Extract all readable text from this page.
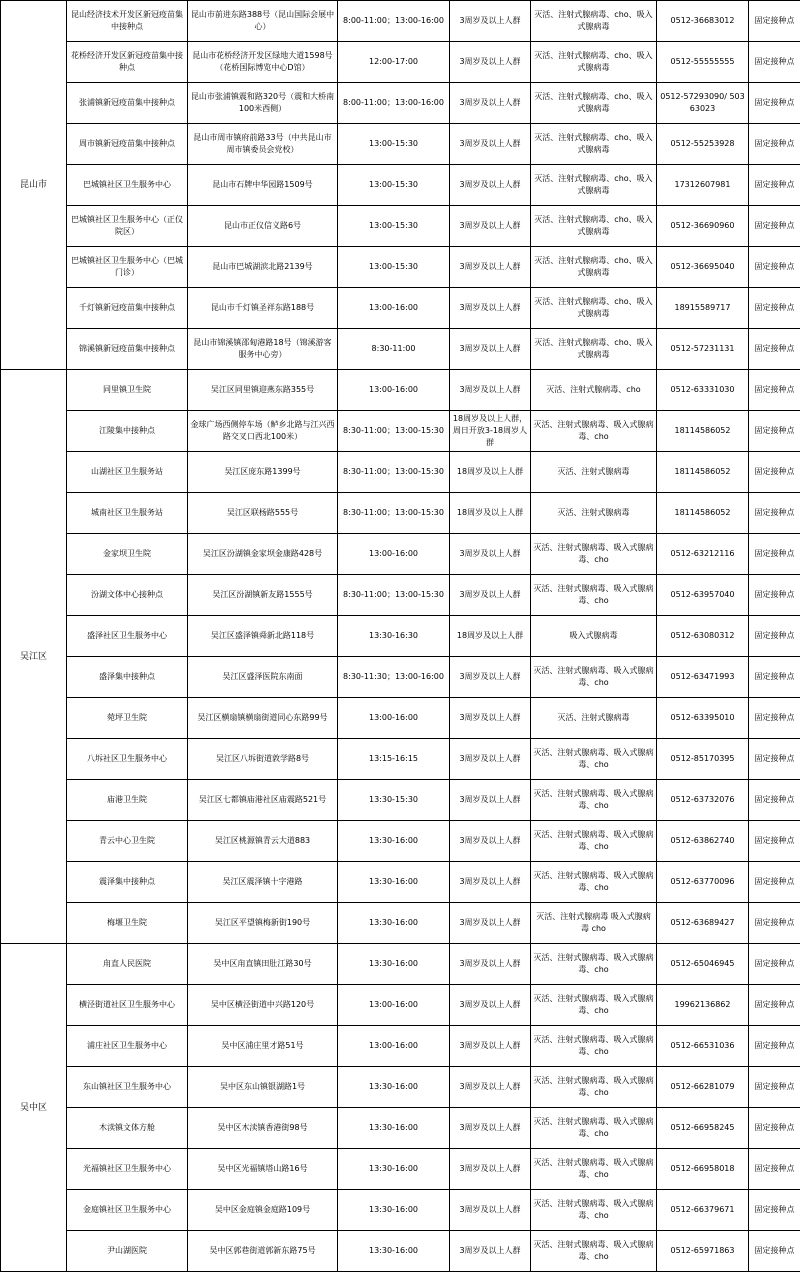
昆山市	昆山经济技术开发区新冠疫苗集中接种点	昆山市前进东路388号（昆山国际会展中心）	8:00-11:00；13:00-16:00	3周岁及以上人群	灭活、注射式腺病毒、cho、吸入式腺病毒	0512-36683012	固定接种点
	花桥经济开发区新冠疫苗集中接种点	昆山市花桥经济开发区绿地大道1598号（花桥国际博览中心D馆）	12:00-17:00	3周岁及以上人群	灭活、注射式腺病毒、cho、吸入式腺病毒	0512-55555555	固定接种点
	张浦镇新冠疫苗集中接种点	昆山市张浦镇震和路320号（震和大桥南100米西侧）	8:00-11:00；13:00-16:00	3周岁及以上人群	灭活、注射式腺病毒、cho、吸入式腺病毒	0512-57293090/ 50363023	固定接种点
	周市镇新冠疫苗集中接种点	昆山市周市镇府前路33号（中共昆山市周市镇委员会党校）	13:00-15:30	3周岁及以上人群	灭活、注射式腺病毒、cho、吸入式腺病毒	0512-55253928	固定接种点
	巴城镇社区卫生服务中心	昆山市石牌中华园路1509号	13:00-15:30	3周岁及以上人群	灭活、注射式腺病毒、cho、吸入式腺病毒	17312607981	固定接种点
	巴城镇社区卫生服务中心（正仪院区）	昆山市正仪信义路6号	13:00-15:30	3周岁及以上人群	灭活、注射式腺病毒、cho、吸入式腺病毒	0512-36690960	固定接种点
	巴城镇社区卫生服务中心（巴城门诊）	昆山市巴城湖滨北路2139号	13:00-15:30	3周岁及以上人群	灭活、注射式腺病毒、cho、吸入式腺病毒	0512-36695040	固定接种点
	千灯镇新冠疫苗集中接种点	昆山市千灯镇圣祥东路188号	13:00-16:00	3周岁及以上人群	灭活、注射式腺病毒、cho、吸入式腺病毒	18915589717	固定接种点
	锦溪镇新冠疫苗集中接种点	昆山市锦溪镇邵甸港路18号（锦溪游客服务中心旁）	8:30-11:00	3周岁及以上人群	灭活、注射式腺病毒、cho、吸入式腺病毒	0512-57231131	固定接种点
吴江区	同里镇卫生院	吴江区同里镇迎燕东路355号	13:00-16:00	3周岁及以上人群	灭活、注射式腺病毒、cho	0512-63331030	固定接种点
	江陵集中接种点	金球广场西侧停车场（鲈乡北路与江兴西路交叉口西北100米）	8:30-11:00；13:00-15:30	18周岁及以上人群，周日开放3-18周岁人群	灭活、注射式腺病毒、吸入式腺病毒、cho	18114586052	固定接种点
	山湖社区卫生服务站	吴江区庞东路1399号	8:30-11:00；13:00-15:30	18周岁及以上人群	灭活、注射式腺病毒	18114586052	固定接种点
	城南社区卫生服务站	吴江区联杨路555号	8:30-11:00；13:00-15:30	18周岁及以上人群	灭活、注射式腺病毒	18114586052	固定接种点
	金家坝卫生院	吴江区汾湖镇金家坝金康路428号	13:00-16:00	3周岁及以上人群	灭活、注射式腺病毒、吸入式腺病毒、cho	0512-63212116	固定接种点
	汾湖文体中心接种点	吴江区汾湖镇新友路1555号	8:30-11:00；13:00-15:30	3周岁及以上人群	灭活、注射式腺病毒、吸入式腺病毒、cho	0512-63957040	固定接种点
	盛泽社区卫生服务中心	吴江区盛泽镇舜新北路118号	13:30-16:30	18周岁及以上人群	吸入式腺病毒	0512-63080312	固定接种点
	盛泽集中接种点	吴江区盛泽医院东南面	8:30-11:30；13:00-16:00	3周岁及以上人群	灭活、注射式腺病毒、吸入式腺病毒、cho	0512-63471993	固定接种点
	菀坪卫生院	吴江区横扇镇横扇街道同心东路99号	13:00-16:00	3周岁及以上人群	灭活、注射式腺病毒	0512-63395010	固定接种点
	八坼社区卫生服务中心	吴江区八坼街道敦学路8号	13:15-16:15	3周岁及以上人群	灭活、注射式腺病毒、吸入式腺病毒、cho	0512-85170395	固定接种点
	庙港卫生院	吴江区七都镇庙港社区庙震路521号	13:30-15:30	3周岁及以上人群	灭活、注射式腺病毒、吸入式腺病毒、cho	0512-63732076	固定接种点
	青云中心卫生院	吴江区桃源镇青云大道883	13:30-16:00	3周岁及以上人群	灭活、注射式腺病毒、吸入式腺病毒、cho	0512-63862740	固定接种点
	震泽集中接种点	吴江区震泽镇十字港路	13:30-16:00	3周岁及以上人群	灭活、注射式腺病毒、吸入式腺病毒、cho	0512-63770096	固定接种点
	梅堰卫生院	吴江区平望镇梅新街190号	13:30-16:00	3周岁及以上人群	灭活、注射式腺病毒 吸入式腺病毒 cho	0512-63689427	固定接种点
吴中区	甪直人民医院	吴中区甪直镇田肚江路30号	13:30-16:00	3周岁及以上人群	灭活、注射式腺病毒、吸入式腺病毒、cho	0512-65046945	固定接种点
	横泾街道社区卫生服务中心	吴中区横泾街道中兴路120号	13:00-16:00	3周岁及以上人群	灭活、注射式腺病毒、吸入式腺病毒、cho	19962136862	固定接种点
	浦庄社区卫生服务中心	吴中区浦庄里才路51号	13:00-16:00	3周岁及以上人群	灭活、注射式腺病毒、吸入式腺病毒、cho	0512-66531036	固定接种点
	东山镇社区卫生服务中心	吴中区东山镇银湖路1号	13:30-16:00	3周岁及以上人群	灭活、注射式腺病毒、吸入式腺病毒、cho	0512-66281079	固定接种点
	木渎镇文体方舱	吴中区木渎镇香港街98号	13:30-16:00	3周岁及以上人群	灭活、注射式腺病毒、吸入式腺病毒、cho	0512-66958245	固定接种点
	光福镇社区卫生服务中心	吴中区光福镇塔山路16号	13:30-16:00	3周岁及以上人群	灭活、注射式腺病毒、吸入式腺病毒、cho	0512-66958018	固定接种点
	金庭镇社区卫生服务中心	吴中区金庭镇金庭路109号	13:30-16:00	3周岁及以上人群	灭活、注射式腺病毒、吸入式腺病毒、cho	0512-66379671	固定接种点
	尹山湖医院	吴中区郭巷街道郭新东路75号	13:30-16:00	3周岁及以上人群	灭活、注射式腺病毒、吸入式腺病毒、cho	0512-65971863	固定接种点
